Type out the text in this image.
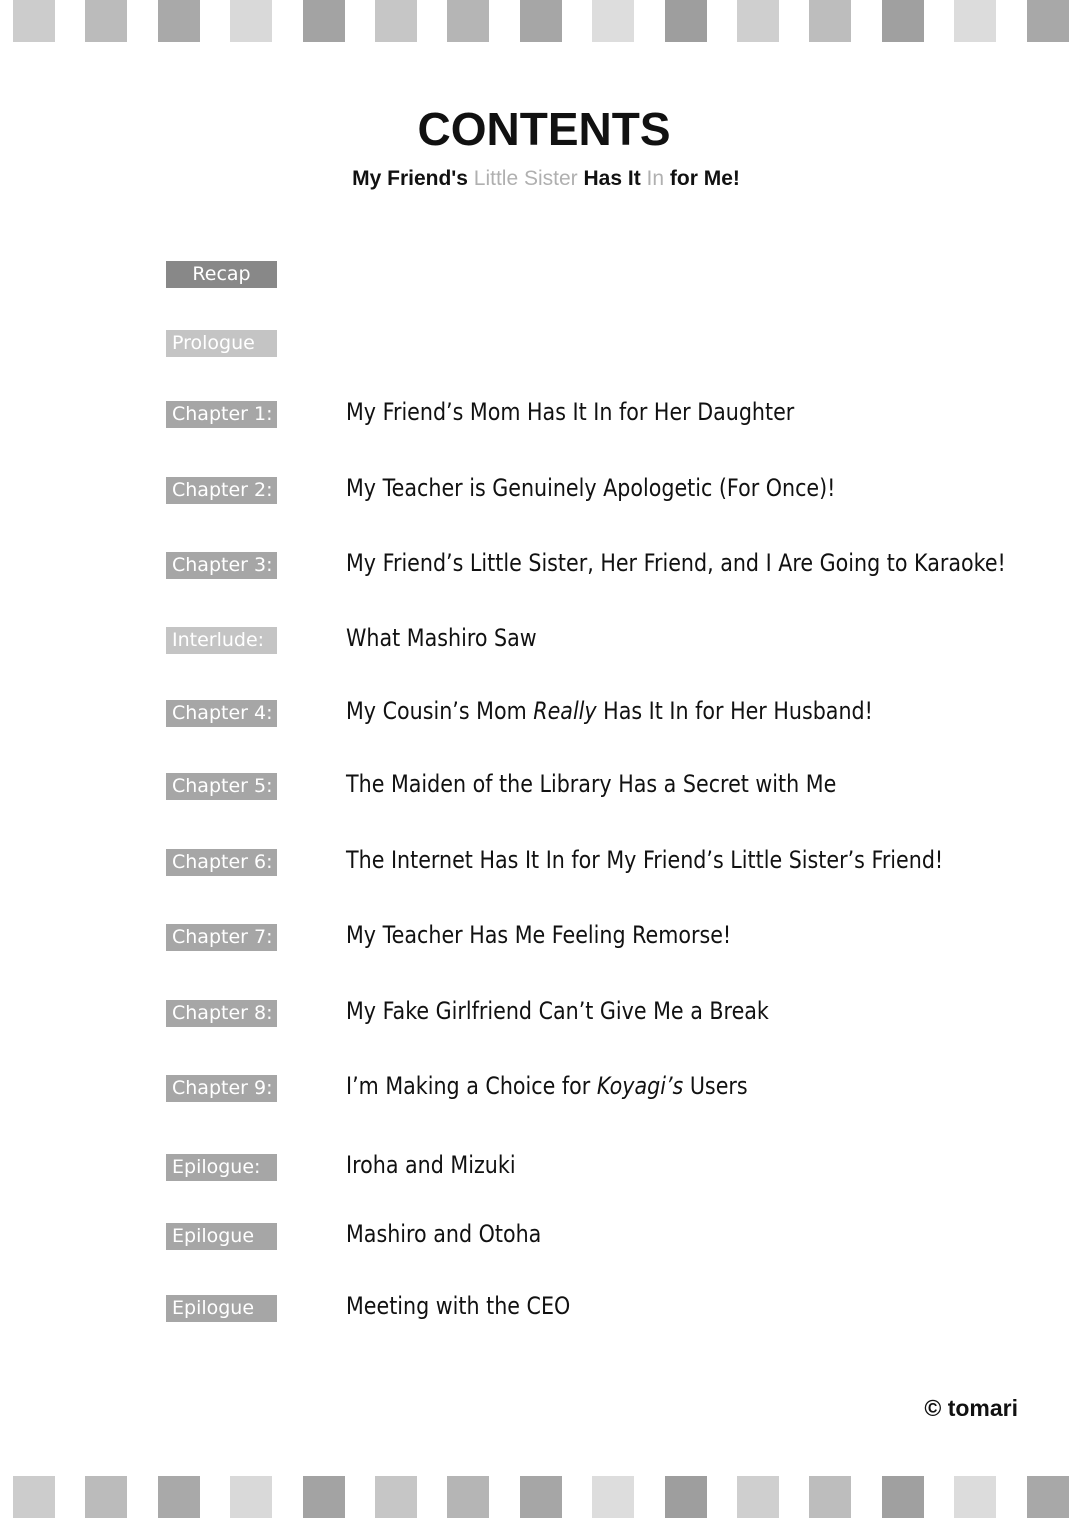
CONTENTS
My Friend's Little Sister Has It In for Me!
Recap
Prologue
Chapter 1:	My Friend’s Mom Has It In for Her Daughter
Chapter 2:	My Teacher is Genuinely Apologetic (For Once)!
Chapter 3:	My Friend’s Little Sister, Her Friend, and I Are Going to Karaoke!
Interlude:	What Mashiro Saw
Chapter 4:	My Cousin’s Mom Really Has It In for Her Husband!
Chapter 5:	The Maiden of the Library Has a Secret with Me
Chapter 6:	The Internet Has It In for My Friend’s Little Sister’s Friend!
Chapter 7:	My Teacher Has Me Feeling Remorse!
Chapter 8:	My Fake Girlfriend Can’t Give Me a Break
Chapter 9:	I’m Making a Choice for Koyagi’s Users
Epilogue:	Iroha and Mizuki
Epilogue 2:
Mashiro and Otoha
Epilogue 3:
Meeting with the CEO
© tomari
